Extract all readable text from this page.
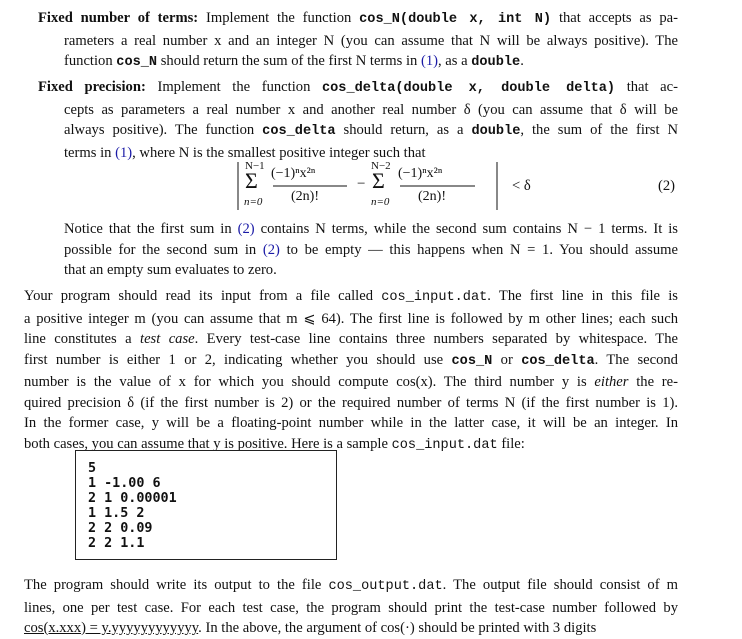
Fixed number of terms: Implement the function cos_N(double x, int N) that accepts as pa-
rameters a real number x and an integer N (you can assume that N will be always positive). The
function cos_N should return the sum of the first N terms in (1), as a double.
Fixed precision: Implement the function cos_delta(double x, double delta) that ac-
cepts as parameters a real number x and another real number δ (you can assume that δ will be
always positive). The function cos_delta should return, as a double, the sum of the first N
terms in (1), where N is the smallest positive integer such that
N−1
Σ
n=0
(−1)ⁿx²ⁿ
(2n)!
−
N−2
Σ
n=0
(−1)ⁿx²ⁿ
(2n)!
< δ	(2)
Notice that the first sum in (2) contains N terms, while the second sum contains N − 1 terms. It is
possible for the second sum in (2) to be empty — this happens when N = 1. You should assume
that an empty sum evaluates to zero.
Your program should read its input from a file called cos_input.dat. The first line in this file is
a positive integer m (you can assume that m ⩽ 64). The first line is followed by m other lines; each such
line constitutes a test case. Every test-case line contains three numbers separated by whitespace. The
first number is either 1 or 2, indicating whether you should use cos_N or cos_delta. The second
number is the value of x for which you should compute cos(x). The third number y is either the re-
quired precision δ (if the first number is 2) or the required number of terms N (if the first number is 1).
In the former case, y will be a floating-point number while in the latter case, it will be an integer. In
both cases, you can assume that y is positive. Here is a sample cos_input.dat file:
5
1 -1.00 6
2 1 0.00001
1 1.5 2
2 2 0.09
2 2 1.1
The program should write its output to the file cos_output.dat. The output file should consist of m
lines, one per test case. For each test case, the program should print the test-case number followed by
cos(x.xxx) = y.yyyyyyyyyyyy. In the above, the argument of cos(·) should be printed with 3 digits
